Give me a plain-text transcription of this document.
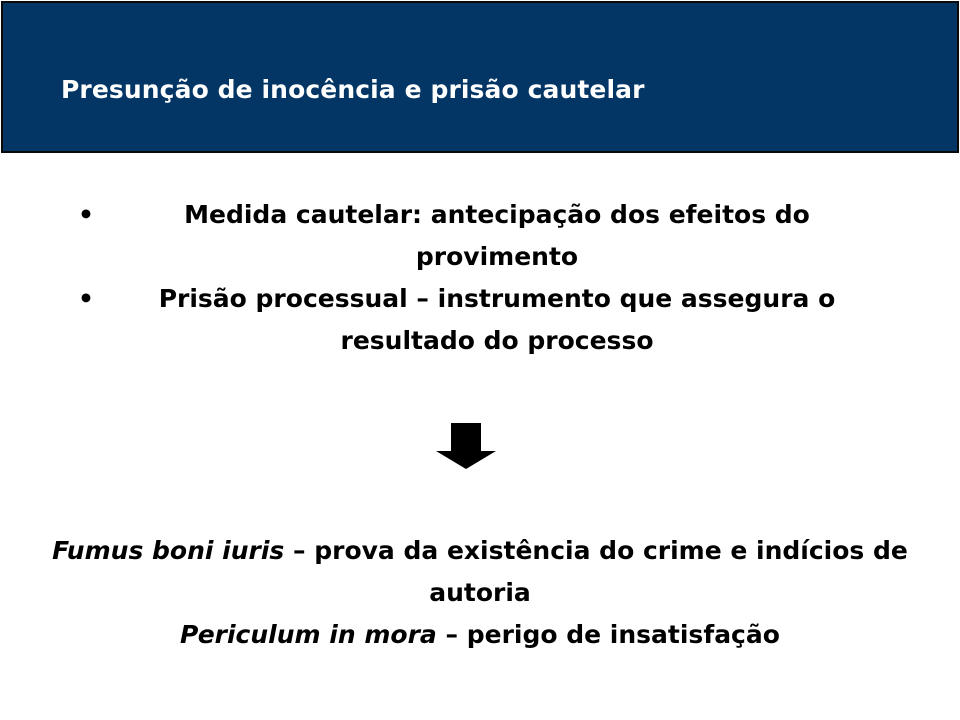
Presunção de inocência e prisão cautelar
•	Medida cautelar: antecipação dos efeitos do provimento
•	Prisão processual – instrumento que assegura o resultado do processo

Fumus boni iuris – prova da existência do crime e indícios de autoria

Periculum in mora – perigo de insatisfação
